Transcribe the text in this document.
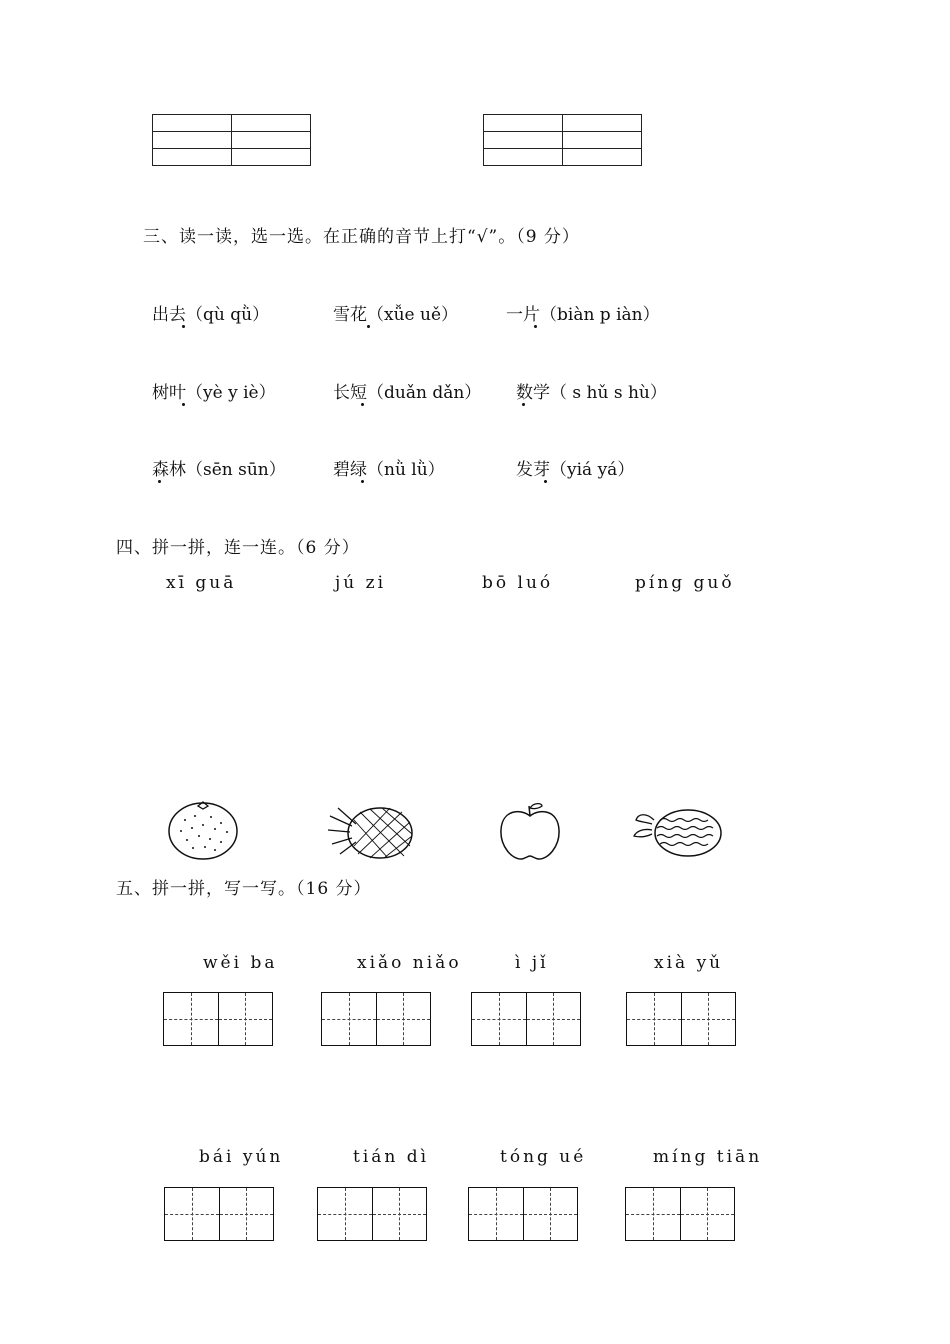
三、读一读，选一选。在正确的音节上打“√”。（9 分）
出去（qù qǜ）	雪花（xǚe uě）	一片（biàn p iàn）
树叶（yè y iè）	长短（duǎn dǎn） 数学（ s hǔ s hù）
森林（sēn sūn）	碧绿（nǜ lǜ）	发芽（yiá yá）
四、拼一拼，连一连。（6 分）
xī guā	jú zi	bō luó	píng guǒ
五、拼一拼，写一写。（16 分）
wěi ba	xiǎo niǎo	ì jǐ	xià yǔ
bái yún	tián dì	tóng ué	míng tiān
